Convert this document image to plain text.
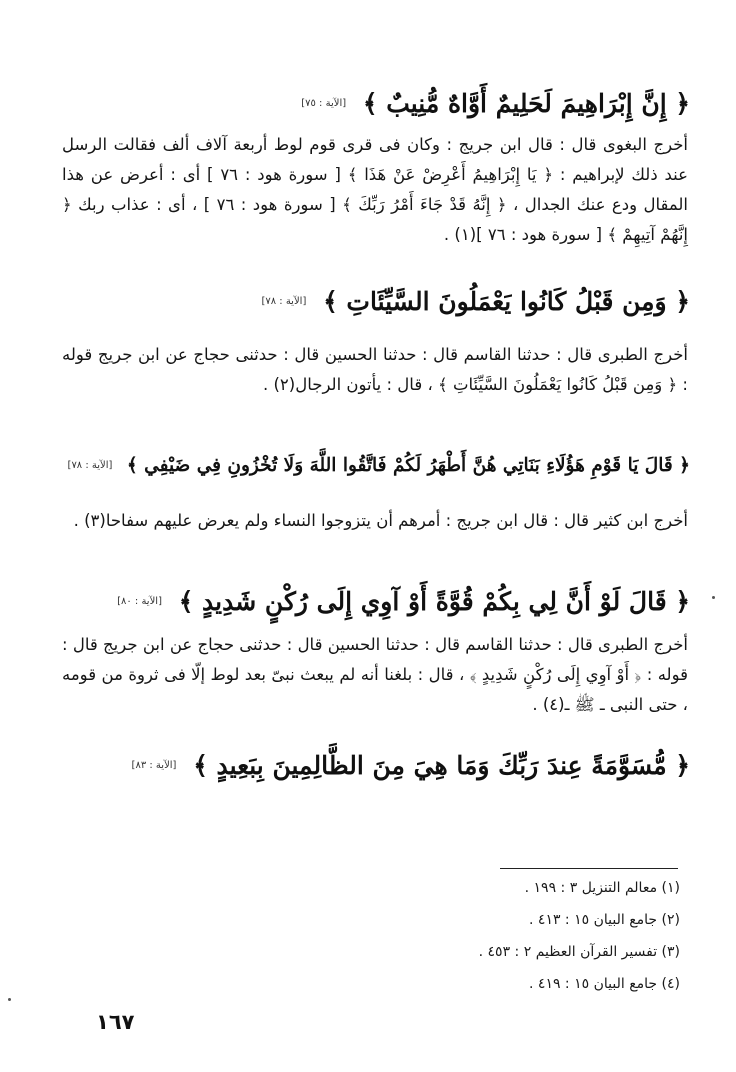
﴿ إِنَّ إِبْرَاهِيمَ لَحَلِيمٌ أَوَّاهٌ مُّنِيبٌ ﴾ [الآية : ٧٥]
أخرج البغوى قال : قال ابن جريج : وكان فى قرى قوم لوط أربعة آلاف ألف فقالت الرسل عند ذلك لإبراهيم : ﴿ يَا إِبْرَاهِيمُ أَعْرِضْ عَنْ هَذَا ﴾ [ سورة هود : ٧٦ ] أى : أعرض عن هذا المقال ودع عنك الجدال ، ﴿ إِنَّهُ قَدْ جَاءَ أَمْرُ رَبِّكَ ﴾ [ سورة هود : ٧٦ ] ، أى : عذاب ربك ﴿ إِنَّهُمْ آتِيهِمْ ﴾ [ سورة هود : ٧٦ ](١) .
﴿ وَمِن قَبْلُ كَانُوا يَعْمَلُونَ السَّيِّئَاتِ ﴾ [الآية : ٧٨]
أخرج الطبرى قال : حدثنا القاسم قال : حدثنا الحسين قال : حدثنى حجاج عن ابن جريج قوله : ﴿ وَمِن قَبْلُ كَانُوا يَعْمَلُونَ السَّيِّئَاتِ ﴾ ، قال : يأتون الرجال(٢) .
﴿ قَالَ يَا قَوْمِ هَؤُلَاءِ بَنَاتِي هُنَّ أَطْهَرُ لَكُمْ فَاتَّقُوا اللَّهَ وَلَا تُخْزُونِ فِي ضَيْفِي ﴾ [الآية : ٧٨]
أخرج ابن كثير قال : قال ابن جريج : أمرهم أن يتزوجوا النساء ولم يعرض عليهم سفاحا(٣) .
﴿ قَالَ لَوْ أَنَّ لِي بِكُمْ قُوَّةً أَوْ آوِي إِلَى رُكْنٍ شَدِيدٍ ﴾ [الآية : ٨٠]
أخرج الطبرى قال : حدثنا القاسم قال : حدثنا الحسين قال : حدثنى حجاج عن ابن جريج قال : قوله : ﴿ أَوْ آوِي إِلَى رُكْنٍ شَدِيدٍ ﴾ ، قال : بلغنا أنه لم يبعث نبىّ بعد لوط إلّا فى ثروة من قومه ، حتى النبى ـ ﷺ ـ(٤) .
﴿ مُّسَوَّمَةً عِندَ رَبِّكَ وَمَا هِيَ مِنَ الظَّالِمِينَ بِبَعِيدٍ ﴾ [الآية : ٨٣]
(١) معالم التنزيل ٣ : ١٩٩ .
(٢) جامع البيان ١٥ : ٤١٣ .
(٣) تفسير القرآن العظيم ٢ : ٤٥٣ .
(٤) جامع البيان ١٥ : ٤١٩ .
١٦٧
